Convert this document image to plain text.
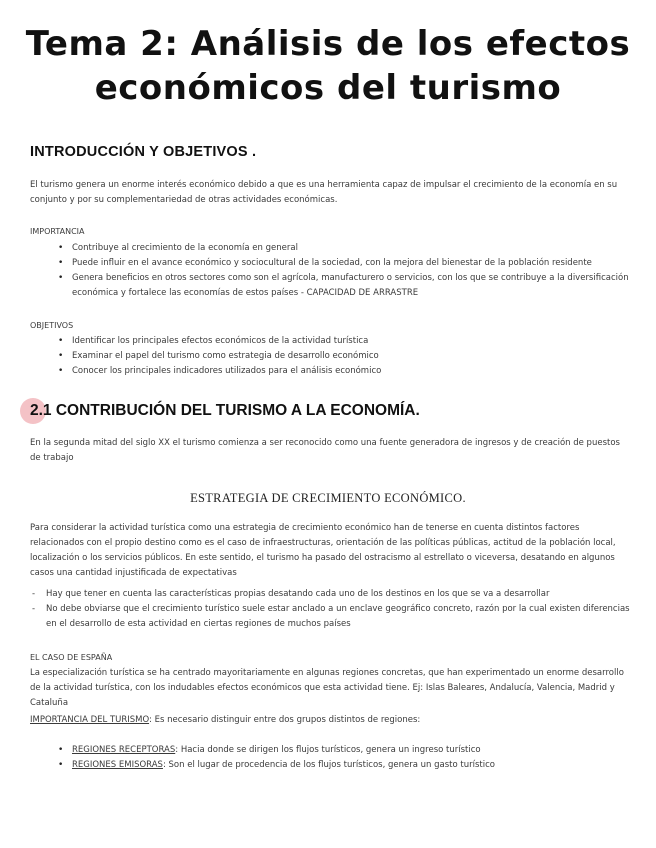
Tema 2: Análisis de los efectos
económicos del turismo
INTRODUCCIÓN Y OBJETIVOS .
El turismo genera un enorme interés económico debido a que es una herramienta capaz de impulsar el crecimiento de la economía en su conjunto y por su complementariedad de otras actividades económicas.
IMPORTANCIA
• Contribuye al crecimiento de la economía en general
• Puede influir en el avance económico y sociocultural de la sociedad, con la mejora del bienestar de la población residente
• Genera beneficios en otros sectores como son el agrícola, manufacturero o servicios, con los que se contribuye a la diversificación económica y fortalece las economías de estos países - CAPACIDAD DE ARRASTRE
OBJETIVOS
• Identificar los principales efectos económicos de la actividad turística
• Examinar el papel del turismo como estrategia de desarrollo económico
• Conocer los principales indicadores utilizados para el análisis económico
2.1 CONTRIBUCIÓN DEL TURISMO A LA ECONOMÍA.
En la segunda mitad del siglo XX el turismo comienza a ser reconocido como una fuente generadora de ingresos y de creación de puestos de trabajo
ESTRATEGIA DE CRECIMIENTO ECONÓMICO.
Para considerar la actividad turística como una estrategia de crecimiento económico han de tenerse en cuenta distintos factores relacionados con el propio destino como es el caso de infraestructuras, orientación de las políticas públicas, actitud de la población local, localización o los servicios públicos. En este sentido, el turismo ha pasado del ostracismo al estrellato o viceversa, desatando en algunos casos una cantidad injustificada de expectativas
- Hay que tener en cuenta las características propias desatando cada uno de los destinos en los que se va a desarrollar
- No debe obviarse que el crecimiento turístico suele estar anclado a un enclave geográfico concreto, razón por la cual existen diferencias en el desarrollo de esta actividad en ciertas regiones de muchos países
EL CASO DE ESPAÑA
La especialización turística se ha centrado mayoritariamente en algunas regiones concretas, que han experimentado un enorme desarrollo de la actividad turística, con los indudables efectos económicos que esta actividad tiene. Ej: Islas Baleares, Andalucía, Valencia, Madrid y Cataluña
IMPORTANCIA DEL TURISMO: Es necesario distinguir entre dos grupos distintos de regiones:
• REGIONES RECEPTORAS: Hacia donde se dirigen los flujos turísticos, genera un ingreso turístico
• REGIONES EMISORAS: Son el lugar de procedencia de los flujos turísticos, genera un gasto turístico
